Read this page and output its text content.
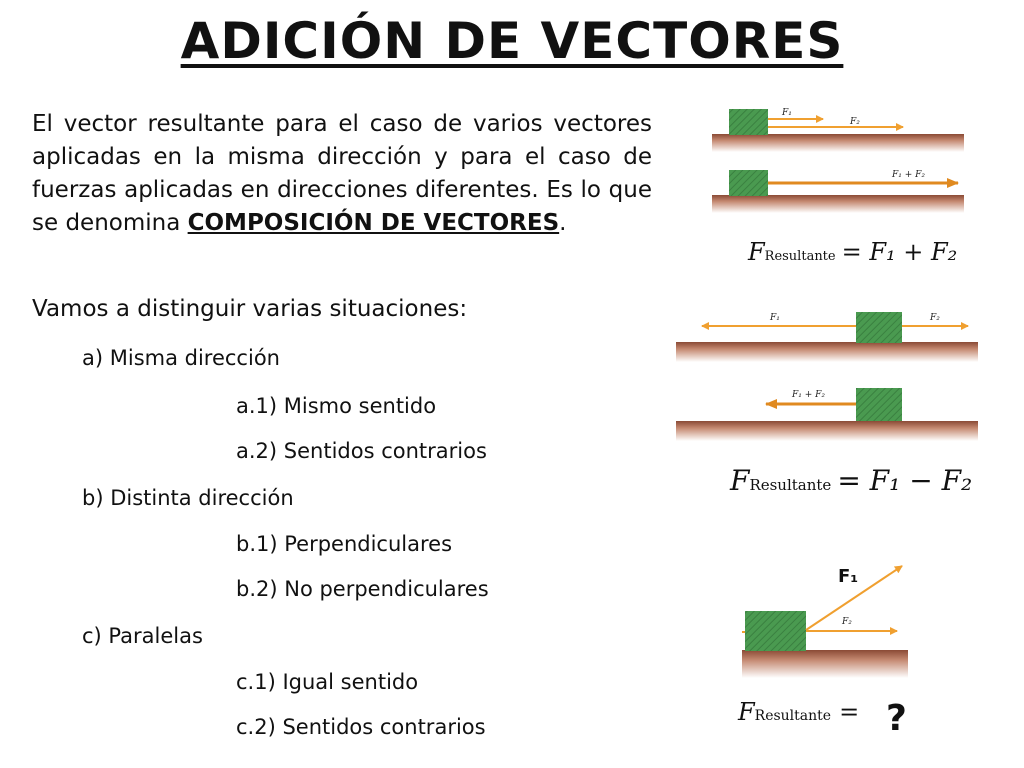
ADICIÓN DE VECTORES
El vector resultante para el caso de varios vectores aplicadas en la misma dirección y para el caso de fuerzas aplicadas en direcciones diferentes. Es lo que se denomina COMPOSICIÓN DE VECTORES.
Vamos a distinguir varias situaciones:
a) Misma dirección
a.1) Mismo sentido
a.2) Sentidos contrarios
b) Distinta dirección
b.1) Perpendiculares
b.2) No perpendiculares
c) Paralelas
c.1) Igual sentido
c.2) Sentidos contrarios
F₁
F₂
F₁ + F₂
FResultante = F₁ + F₂
F₁	F₂
F₁ + F₂
FResultante = F₁ − F₂
F₁
F₂
FResultante = ?
